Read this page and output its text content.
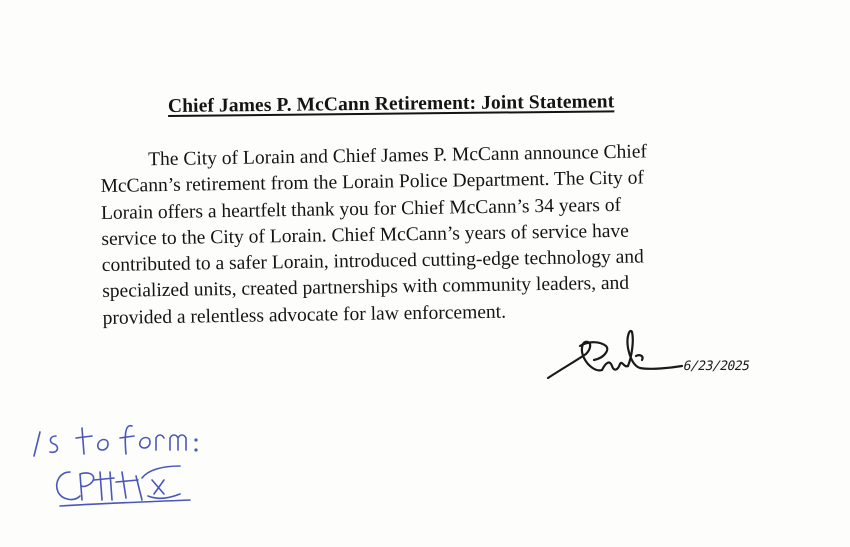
Chief James P. McCann Retirement: Joint Statement
The City of Lorain and Chief James P. McCann announce Chief
McCann’s retirement from the Lorain Police Department. The City of
Lorain offers a heartfelt thank you for Chief McCann’s 34 years of
service to the City of Lorain. Chief McCann’s years of service have
contributed to a safer Lorain, introduced cutting-edge technology and
specialized units, created partnerships with community leaders, and
provided a relentless advocate for law enforcement.
6/23/2025
